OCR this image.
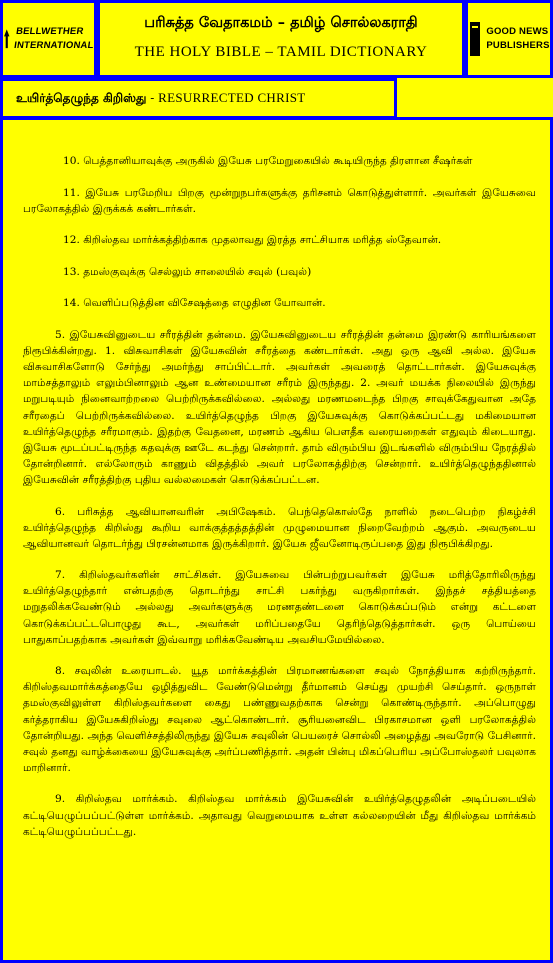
BELLWETHER
INTERNATIONAL
பரிசுத்த வேதாகமம் – தமிழ் சொல்லகராதி
THE HOLY BIBLE – TAMIL DICTIONARY
GOOD NEWS
PUBLISHERS
உயிர்த்தெழுந்த கிறிஸ்து - RESURRECTED CHRIST

10. பெத்தானியாவுக்கு அருகில் இயேசு பரமேறுகையில் கூடியிருந்த திரளான சீஷர்கள்

11. இயேசு பரமேறிய பிறகு மூன்றுநபர்களுக்கு தரிசனம் கொடுத்துள்ளார். அவர்கள் இயேசுவை பரலோகத்தில் இருக்கக் கண்டார்கள்.

12. கிறிஸ்தவ மார்க்கத்திற்காக முதலாவது இரத்த சாட்சியாக மரித்த ஸ்தேவான்.

13. தமஸ்குவுக்கு செல்லும் சாலையில் சவுல் (பவுல்)

14. வெளிப்படுத்தின விசேஷத்தை எழுதின யோவான்.

5. இயேசுவினுடைய சரீரத்தின் தன்மை. இயேசுவினுடைய சரீரத்தின் தன்மை இரண்டு காரியங்களை நிரூபிக்கின்றது. 1. விசுவாசிகள் இயேசுவின் சரீரத்தை கண்டார்கள். அது ஒரு ஆவி அல்ல. இயேசு விசுவாசிகளோடு சேர்ந்து அமர்ந்து சாப்பிட்டார். அவர்கள் அவரைத் தொட்டார்கள். இயேசுவுக்கு மாம்சத்தாலும் எலும்பினாலும் ஆன உண்மையான சரீரம் இருந்தது. 2. அவர் மயக்க நிலையில் இருந்து மறுபடியும் நினைவாற்றலை பெற்றிருக்கவில்லை. அல்லது மரணமடைந்த பிறகு சாவுக்கேதுவான அதே சரீரதைப் பெற்றிருக்கவில்லை. உயிர்த்தெழுந்த பிறகு இயேசுவுக்கு கொடுக்கப்பட்டது மகிமையான உயிர்த்தெழுந்த சரீரமாகும். இதற்கு வேதனை, மரணம் ஆகிய பௌதீக வரையறைகள் எதுவும் கிடையாது. இயேசு மூடப்பட்டிருந்த கதவுக்கு ஊடே கடந்து சென்றார். தாம் விரும்பிய இடங்களில் விரும்பிய நேரத்தில் தோன்றினார். எல்லோரும் காணும் விதத்தில் அவர் பரலோகத்திற்கு சென்றார். உயிர்த்தெழுந்ததினால் இயேசுவின் சரீரத்திற்கு புதிய வல்லமைகள் கொடுக்கப்பட்டன.

6. பரிசுத்த ஆவியானவரின் அபிஷேகம். பெந்தெகொஸ்தே நாளில் நடைபெற்ற நிகழ்ச்சி உயிர்த்தெழுந்த கிறிஸ்து கூறிய வாக்குத்தத்தத்தின் முழுமையான நிறைவேற்றம் ஆகும். அவருடைய ஆவியானவர் தொடர்ந்து பிரசன்னமாக இருக்கிறார். இயேசு ஜீவனோடிருப்பதை இது நிரூபிக்கிறது.

7. கிறிஸ்தவர்களின் சாட்சிகள். இயேசுவை பின்பற்றுபவர்கள் இயேசு மரித்தோரிலிருந்து உயிர்த்தெழுந்தார் என்பதற்கு தொடர்ந்து சாட்சி பகர்ந்து வருகிறார்கள். இந்தச் சத்தியத்தை மறுதலிக்கவேண்டும் அல்லது அவர்களுக்கு மரணதண்டனை கொடுக்கப்படும் என்று கட்டளை கொடுக்கப்பட்டபொழுது கூட, அவர்கள் மரிப்பதையே தெரிந்தெடுத்தார்கள். ஒரு பொய்யை பாதுகாப்பதற்காக அவர்கள் இவ்வாறு மரிக்கவேண்டிய அவசியமேயில்லை.

8. சவுலின் உரையாடல். யூத மார்க்கத்தின் பிரமாணங்களை சவுல் நோத்தியாக கற்றிருந்தார். கிறிஸ்தவமார்க்கத்தையே ஒழித்துவிட வேண்டுமென்று தீர்மானம் செய்து முயற்சி செய்தார். ஒருநாள் தமஸ்குவிலுள்ள கிறிஸ்தவர்களை கைது பண்ணுவதற்காக சென்று கொண்டிருந்தார். அப்பொழுது கர்த்தராகிய இயேசுகிறிஸ்து சவுலை ஆட்கொண்டார். சூரியனைவிட பிரகாசமான ஒளி பரலோகத்தில் தோன்றியது. அந்த வெளிச்சத்திலிருந்து இயேசு சவுலின் பெயரைச் சொல்லி அழைத்து அவரோடு பேசினார். சவுல் தனது வாழ்க்கையை இயேசுவுக்கு அர்ப்பணித்தார். அதன் பின்பு மிகப்பெரிய அப்போஸ்தலர் பவுலாக மாறினார்.

9. கிறிஸ்தவ மார்க்கம். கிறிஸ்தவ மார்க்கம் இயேசுவின் உயிர்த்தெழுதலின் அடிப்படையில் கட்டியெழுப்பப்பட்டுள்ள மார்க்கம். அதாவது வெறுமையாக உள்ள கல்லறையின் மீது கிறிஸ்தவ மார்க்கம் கட்டியெழுப்பப்பட்டது.
